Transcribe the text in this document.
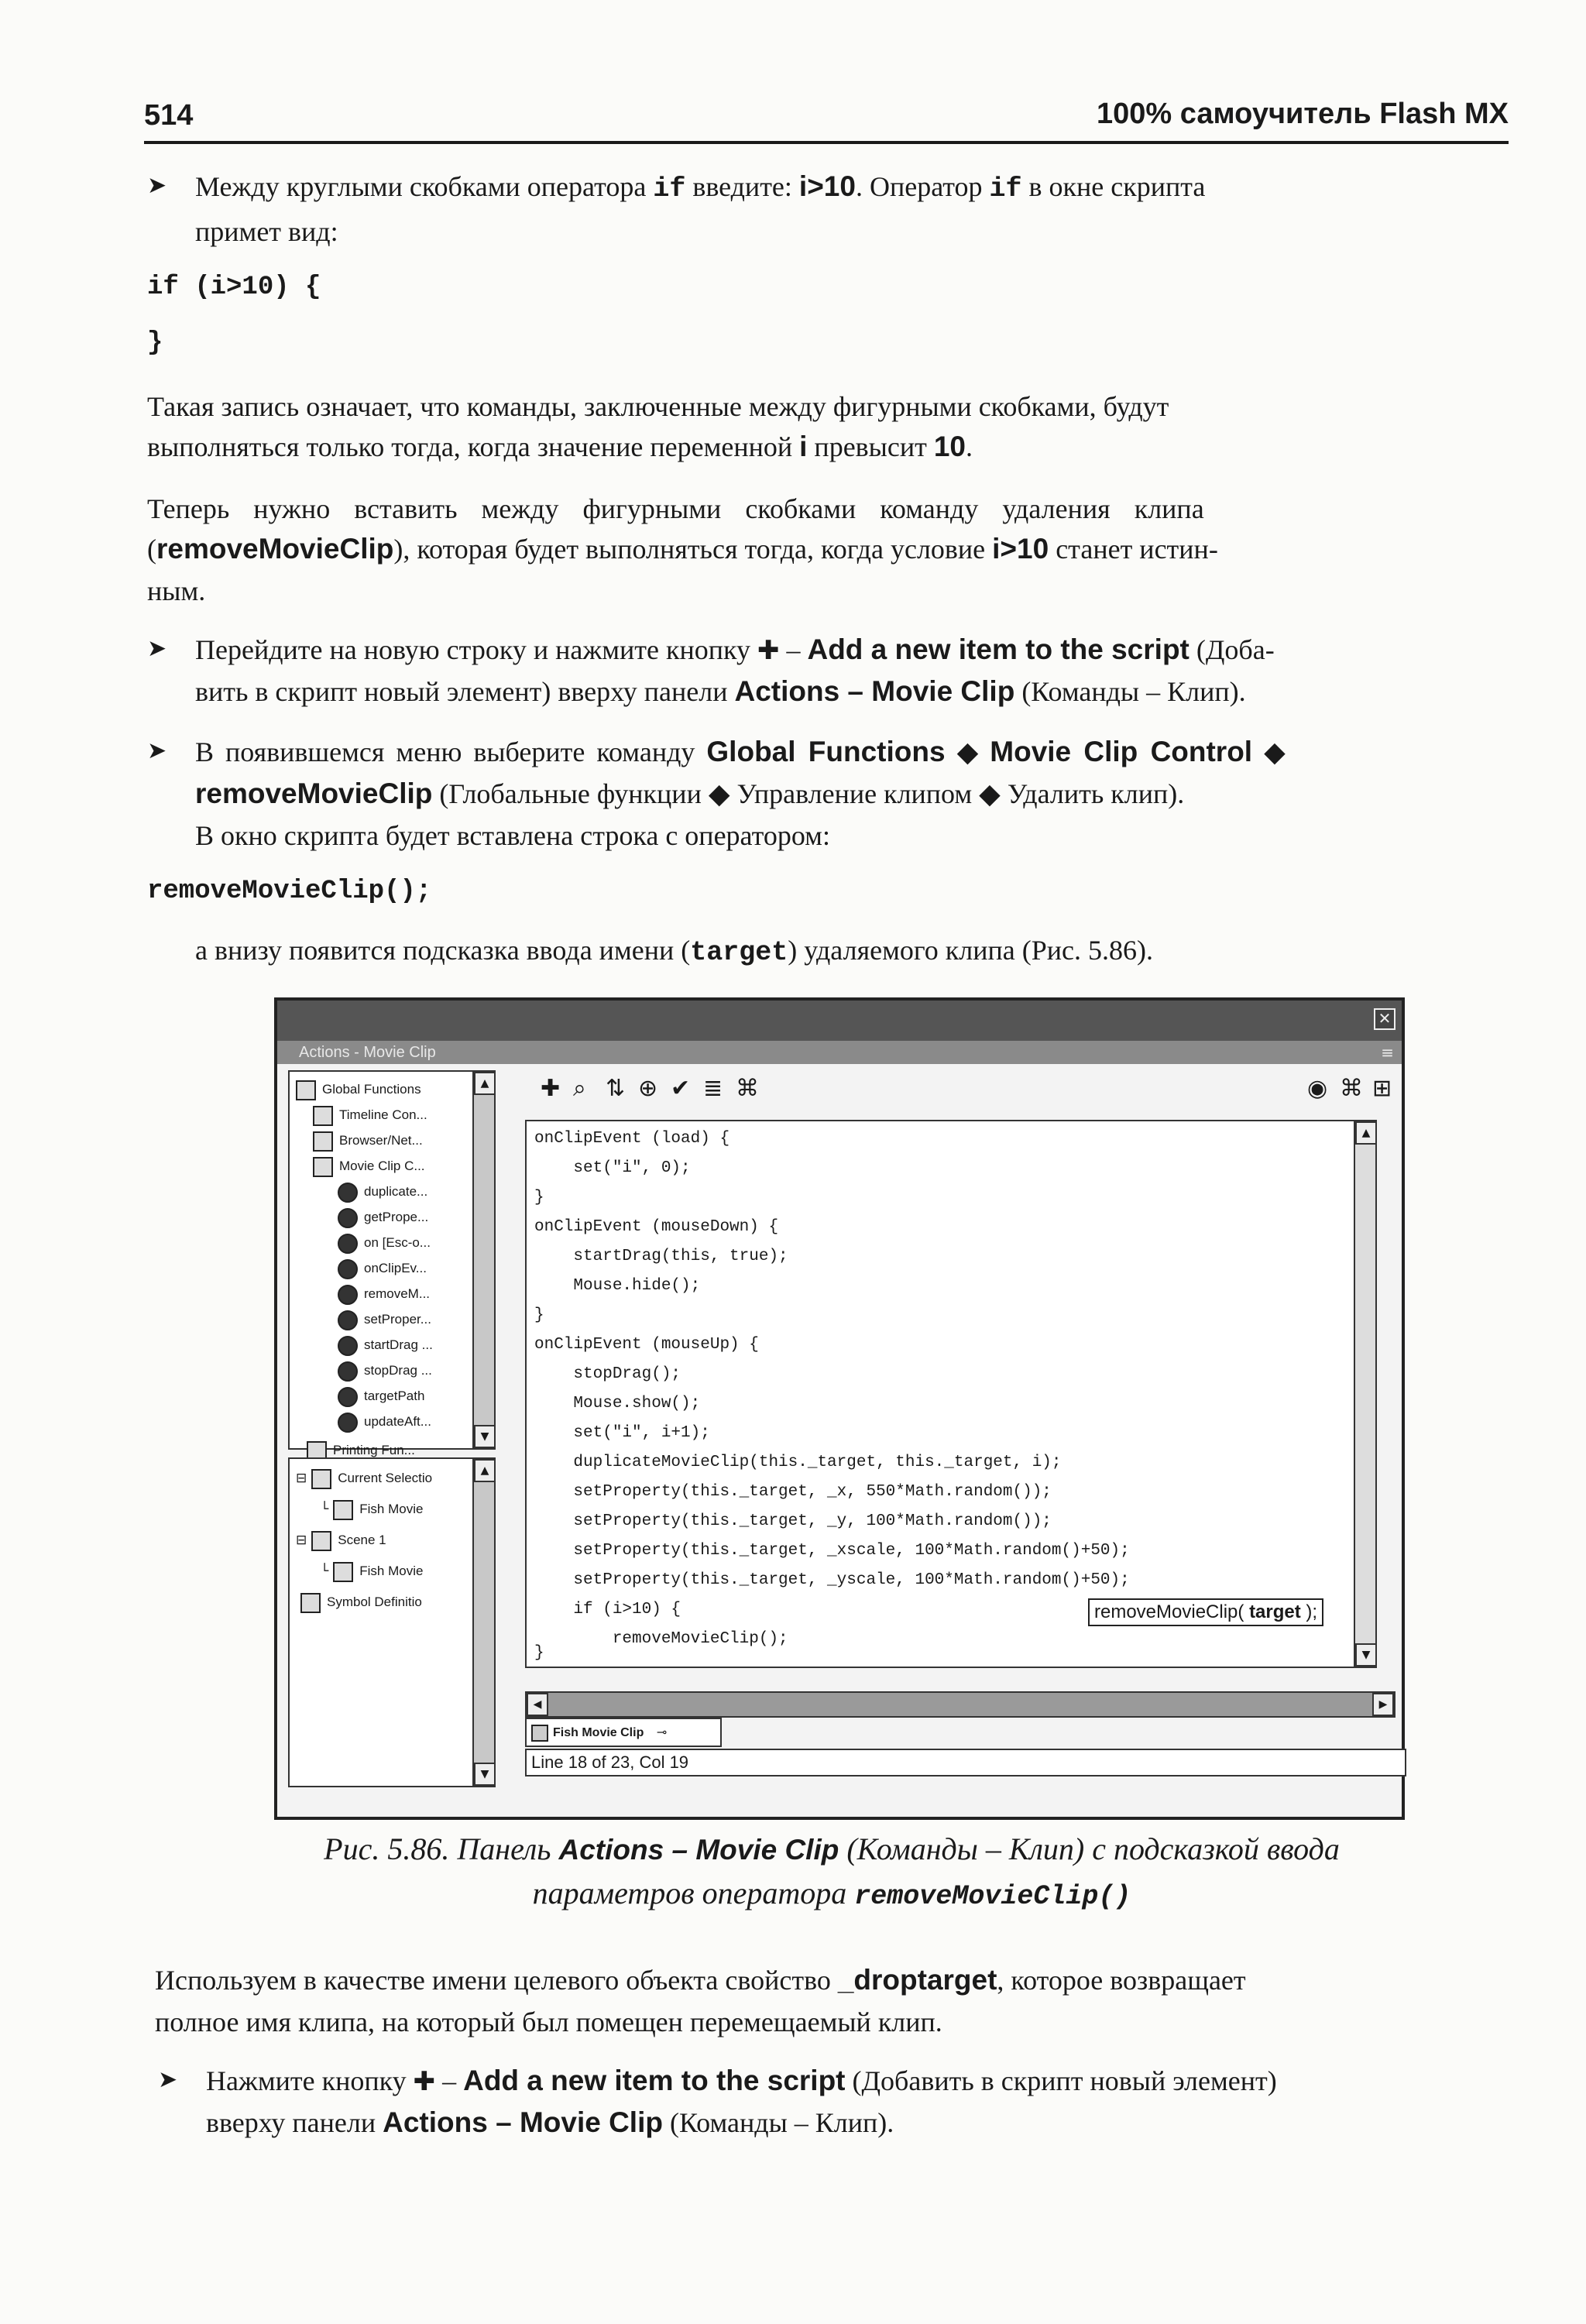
514	100% самоучитель Flash MX
➤ Между круглыми скобками оператора if введите: i>10. Оператор if в окне скрипта
примет вид:
if (i>10) {
}
Такая запись означает, что команды, заключенные между фигурными скобками, будут
выполняться только тогда, когда значение переменной i превысит 10.
Теперь нужно вставить между фигурными скобками команду удаления клипа
(removeMovieClip), которая будет выполняться тогда, когда условие i>10 станет истин-
ным.
➤ Перейдите на новую строку и нажмите кнопку ✚ – Add a new item to the script (Доба-
вить в скрипт новый элемент) вверху панели Actions – Movie Clip (Команды – Клип).
➤ В появившемся меню выберите команду Global Functions ◆ Movie Clip Control ◆
removeMovieClip (Глобальные функции ◆ Управление клипом ◆ Удалить клип).
В окно скрипта будет вставлена строка с оператором:
removeMovieClip();
а внизу появится подсказка ввода имени (target) удаляемого клипа (Рис. 5.86).
✕
Actions - Movie Clip	≡
Global Functions
Timeline Con...
Browser/Net...
Movie Clip C...
duplicate...
getPrope...
on [Esc-o...
onClipEv...
removeM...
setProper...
startDrag ...
stopDrag ...
targetPath
updateAft...
Printing Fun...
▲
▼
⊟ Current Selectio
└ Fish Movie
⊟ Scene 1
└ Fish Movie
Symbol Definitio
▲
▼
✚ ⌕ ⇅ ⊕ ✔ ≣ ⌘	◉ ⌘ ⊞
onClipEvent (load) {
set("i", 0);
}
onClipEvent (mouseDown) {
startDrag(this, true);
Mouse.hide();
}
onClipEvent (mouseUp) {
stopDrag();
Mouse.show();
set("i", i+1);
duplicateMovieClip(this._target, this._target, i);
setProperty(this._target, _x, 550*Math.random());
setProperty(this._target, _y, 100*Math.random());
setProperty(this._target, _xscale, 100*Math.random()+50);
setProperty(this._target, _yscale, 100*Math.random()+50);
if (i>10) {
removeMovieClip();
}
removeMovieClip( target );
▲
▼
◀	▶
Fish Movie Clip ⊸
Line 18 of 23, Col 19
Рис. 5.86. Панель Actions – Movie Clip (Команды – Клип) с подсказкой ввода
параметров оператора removeMovieClip()
Используем в качестве имени целевого объекта свойство _droptarget, которое возвращает
полное имя клипа, на который был помещен перемещаемый клип.
➤ Нажмите кнопку ✚ – Add a new item to the script (Добавить в скрипт новый элемент)
вверху панели Actions – Movie Clip (Команды – Клип).
